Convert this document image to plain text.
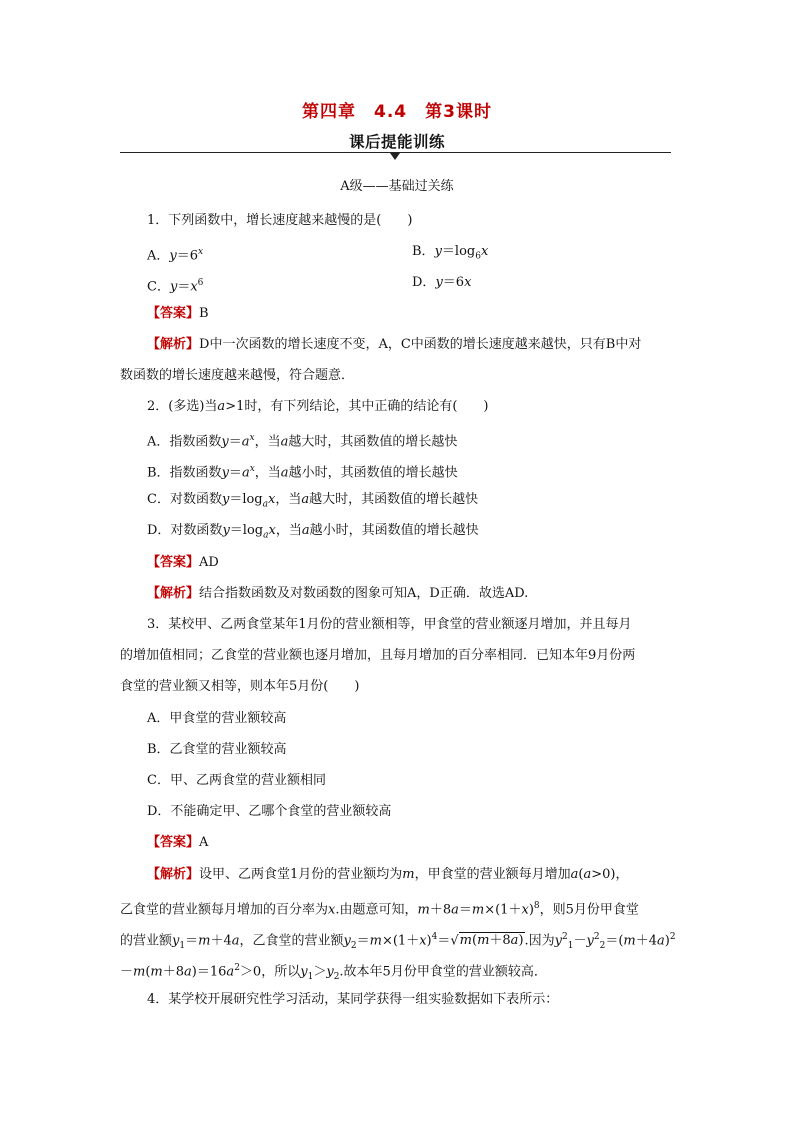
第四章　4.4　第3课时
课后提能训练
A级——基础过关练
1．下列函数中，增长速度越来越慢的是(　　)
A．$y=6^x$	B．$y=\log_6x$
C．$y=x^6$	D．y＝6x
【答案】B
【解析】D中一次函数的增长速度不变，A，C中函数的增长速度越来越快，只有B中对
数函数的增长速度越来越慢，符合题意．
2．(多选)当a>1时，有下列结论，其中正确的结论有(　　)
A．指数函数$y=a^x$，当a越大时，其函数值的增长越快
B．指数函数$y=a^x$，当a越小时，其函数值的增长越快
C．对数函数$y=\log_ax$，当a越大时，其函数值的增长越快
D．对数函数$y=\log_ax$，当a越小时，其函数值的增长越快
【答案】AD
【解析】结合指数函数及对数函数的图象可知A，D正确．故选AD.
3．某校甲、乙两食堂某年1月份的营业额相等，甲食堂的营业额逐月增加，并且每月
的增加值相同；乙食堂的营业额也逐月增加，且每月增加的百分率相同．已知本年9月份两
食堂的营业额又相等，则本年5月份(　　)
A．甲食堂的营业额较高
B．乙食堂的营业额较高
C．甲、乙两食堂的营业额相同
D．不能确定甲、乙哪个食堂的营业额较高
【答案】A
【解析】设甲、乙两食堂1月份的营业额均为m，甲食堂的营业额每月增加a(a>0)，
乙食堂的营业额每月增加的百分率为x.由题意可知，$m+8a=m\times(1+x)^8$，则5月份甲食堂
的营业额$y_1=m+4a$，乙食堂的营业额$y_2=m\times(1+x)^4=√m(m+8a)$.因为$y^2_1-y^2_2=(m+4a)^2$
$-m(m+8a)=16a^2>0$，所以$y_1>y_2$.故本年5月份甲食堂的营业额较高．
4．某学校开展研究性学习活动，某同学获得一组实验数据如下表所示：
